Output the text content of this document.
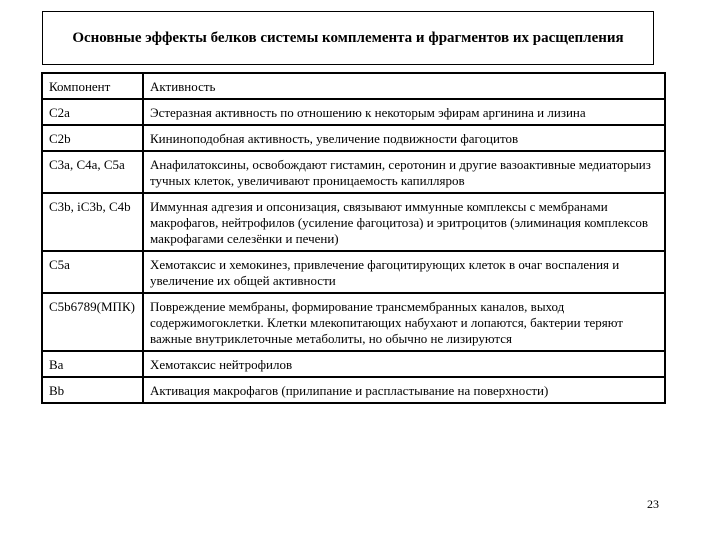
Основные эффекты белков системы комплемента и фрагментов их расщепления
Компонент	Активность
C2a	Эстеразная активность по отношению к некоторым эфирам аргинина и лизина
C2b	Кининоподобная активность, увеличение подвижности фагоцитов
C3a, C4a, C5a	Анафилатоксины, освобождают гистамин, серотонин и другие вазоактивные медиаторыиз тучных клеток, увеличивают проницаемость капилляров
C3b, iC3b, C4b	Иммунная адгезия и опсонизация, связывают иммунные комплексы с мембранами макрофагов, нейтрофилов (усиление фагоцитоза) и эритроцитов (элиминация комплексов макрофагами селезёнки и печени)
C5a	Хемотаксис и хемокинез, привлечение фагоцитирующих клеток в очаг воспаления и увеличение их общей активности
C5b6789(МПК)	Повреждение мембраны, формирование трансмембранных каналов, выход содержимогоклетки. Клетки млекопитающих набухают и лопаются, бактерии теряют важные внутриклеточные метаболиты, но обычно не лизируются
Ba	Хемотаксис нейтрофилов
Bb	Активация макрофагов (прилипание и распластывание на поверхности)
23
